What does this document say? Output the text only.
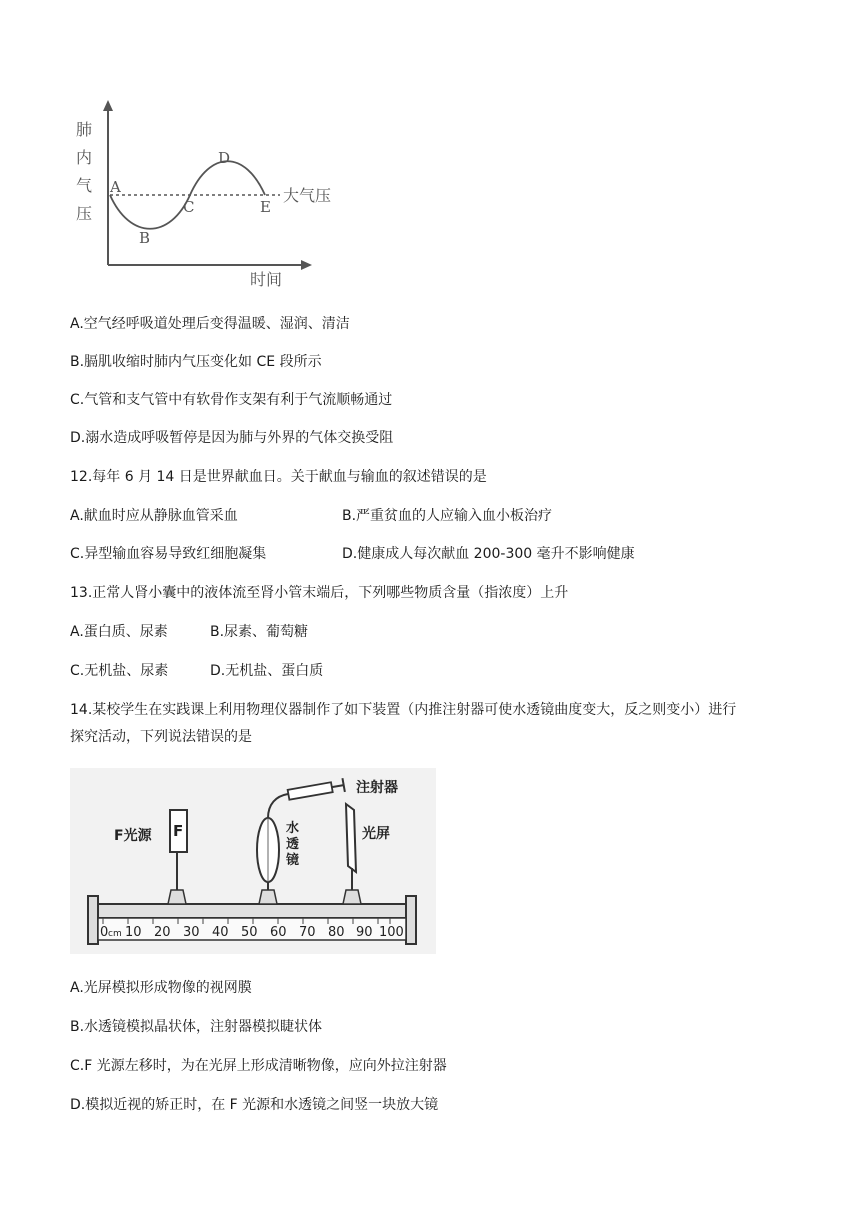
肺
内
气
压
A
B
C
D
E
大气压
时间
A.空气经呼吸道处理后变得温暖、湿润、清洁
B.膈肌收缩时肺内气压变化如 CE 段所示
C.气管和支气管中有软骨作支架有利于气流顺畅通过
D.溺水造成呼吸暂停是因为肺与外界的气体交换受阻
12.每年 6 月 14 日是世界献血日。关于献血与输血的叙述错误的是
A.献血时应从静脉血管采血	B.严重贫血的人应输入血小板治疗
C.异型输血容易导致红细胞凝集	D.健康成人每次献血 200-300 毫升不影响健康
13.正常人肾小囊中的液体流至肾小管末端后，下列哪些物质含量（指浓度）上升
A.蛋白质、尿素	B.尿素、葡萄糖
C.无机盐、尿素	D.无机盐、蛋白质
14.某校学生在实践课上利用物理仪器制作了如下装置（内推注射器可使水透镜曲度变大，反之则变小）进行
探究活动，下列说法错误的是
0 cm 10 20 30 40 50 60 70 80 90 100
F
F光源	水
透
镜
注射器
光屏
A.光屏模拟形成物像的视网膜
B.水透镜模拟晶状体，注射器模拟睫状体
C.F 光源左移时，为在光屏上形成清晰物像，应向外拉注射器
D.模拟近视的矫正时，在 F 光源和水透镜之间竖一块放大镜
